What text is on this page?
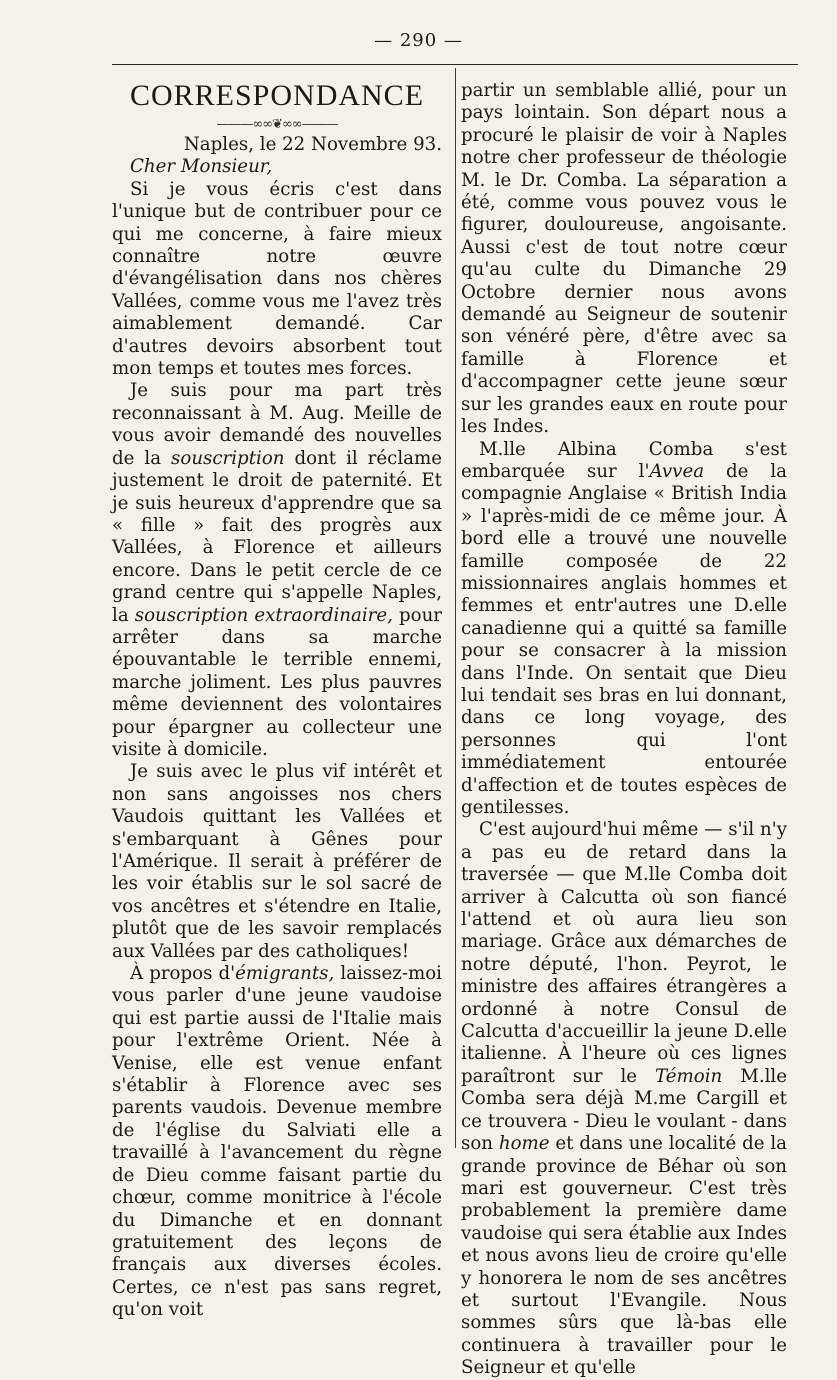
— 290 —
CORRESPONDANCE
———∞∞❦∞∞———

Naples, le 22 Novembre 93.

Cher Monsieur,

Si je vous écris c'est dans l'unique but de contribuer pour ce qui me concerne, à faire mieux connaître notre œuvre d'évangélisation dans nos chères Vallées, comme vous me l'avez très aimablement demandé. Car d'autres devoirs absorbent tout mon temps et toutes mes forces.

Je suis pour ma part très reconnaissant à M. Aug. Meille de vous avoir demandé des nouvelles de la souscription dont il réclame justement le droit de paternité. Et je suis heureux d'apprendre que sa « fille » fait des progrès aux Vallées, à Florence et ailleurs encore. Dans le petit cercle de ce grand centre qui s'appelle Naples, la souscription extraordinaire, pour arrêter dans sa marche épouvantable le terrible ennemi, marche joliment. Les plus pauvres même deviennent des volontaires pour épargner au collecteur une visite à domicile.

Je suis avec le plus vif intérêt et non sans angoisses nos chers Vaudois quittant les Vallées et s'embarquant à Gênes pour l'Amérique. Il serait à préférer de les voir établis sur le sol sacré de vos ancêtres et s'étendre en Italie, plutôt que de les savoir remplacés aux Vallées par des catholiques!

À propos d'émigrants, laissez-moi vous parler d'une jeune vaudoise qui est partie aussi de l'Italie mais pour l'extrême Orient. Née à Venise, elle est venue enfant s'établir à Florence avec ses parents vaudois. Devenue membre de l'église du Salviati elle a travaillé à l'avancement du règne de Dieu comme faisant partie du chœur, comme monitrice à l'école du Dimanche et en donnant gratuitement des leçons de français aux diverses écoles. Certes, ce n'est pas sans regret, qu'on voit

partir un semblable allié, pour un pays lointain. Son départ nous a procuré le plaisir de voir à Naples notre cher professeur de théologie M. le Dr. Comba. La séparation a été, comme vous pouvez vous le figurer, douloureuse, angoisante. Aussi c'est de tout notre cœur qu'au culte du Dimanche 29 Octobre dernier nous avons demandé au Seigneur de soutenir son vénéré père, d'être avec sa famille à Florence et d'accompagner cette jeune sœur sur les grandes eaux en route pour les Indes.

M.lle Albina Comba s'est embarquée sur l'Avvea de la compagnie Anglaise « British India » l'après-midi de ce même jour. À bord elle a trouvé une nouvelle famille composée de 22 missionnaires anglais hommes et femmes et entr'autres une D.elle canadienne qui a quitté sa famille pour se consacrer à la mission dans l'Inde. On sentait que Dieu lui tendait ses bras en lui donnant, dans ce long voyage, des personnes qui l'ont immédiatement entourée d'affection et de toutes espèces de gentilesses.

C'est aujourd'hui même — s'il n'y a pas eu de retard dans la traversée — que M.lle Comba doit arriver à Calcutta où son fiancé l'attend et où aura lieu son mariage. Grâce aux démarches de notre député, l'hon. Peyrot, le ministre des affaires étrangères a ordonné à notre Consul de Calcutta d'accueillir la jeune D.elle italienne. À l'heure où ces lignes paraîtront sur le Témoin M.lle Comba sera déjà M.me Cargill et ce trouvera - Dieu le voulant - dans son home et dans une localité de la grande province de Béhar où son mari est gouverneur. C'est très probablement la première dame vaudoise qui sera établie aux Indes et nous avons lieu de croire qu'elle y honorera le nom de ses ancêtres et surtout l'Evangile. Nous sommes sûrs que là-bas elle continuera à travailler pour le Seigneur et qu'elle
